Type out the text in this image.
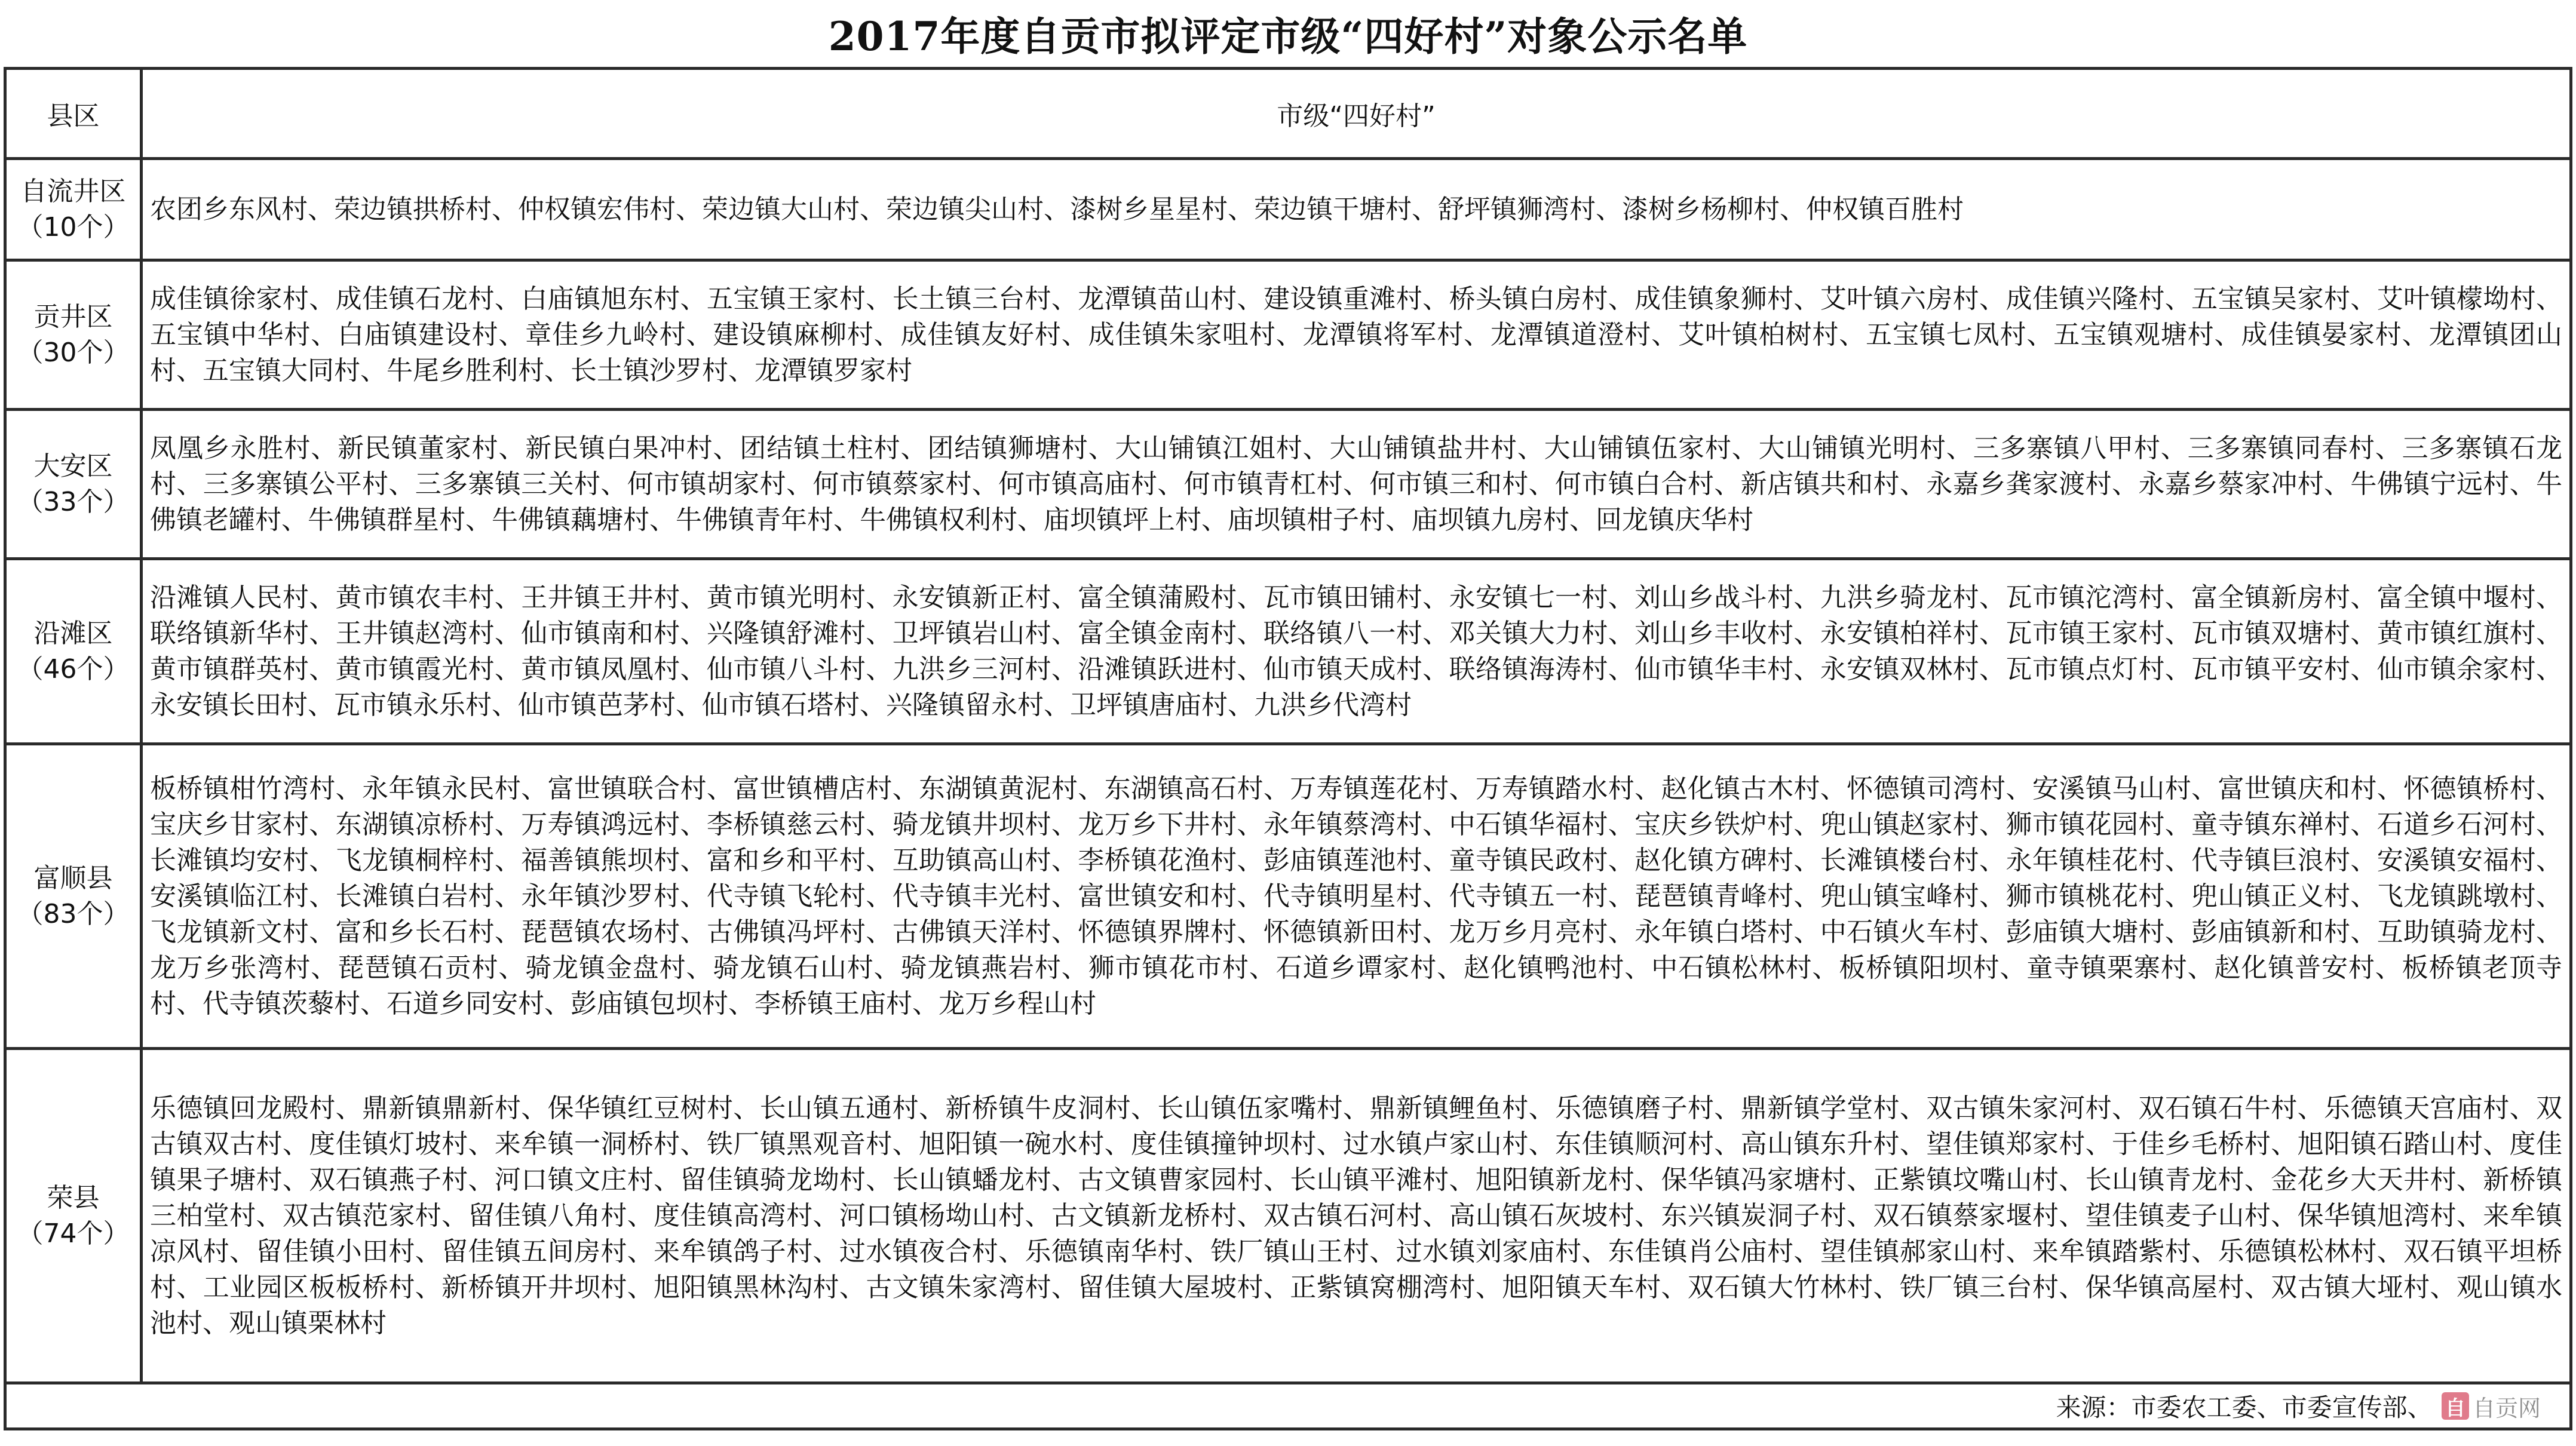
2017年度自贡市拟评定市级“四好村”对象公示名单
县区	市级“四好村”

自流井区
（10个）	农团乡东风村、荣边镇拱桥村、仲权镇宏伟村、荣边镇大山村、荣边镇尖山村、漆树乡星星村、荣边镇干塘村、舒坪镇狮湾村、漆树乡杨柳村、仲权镇百胜村

贡井区
（30个）	成佳镇徐家村、成佳镇石龙村、白庙镇旭东村、五宝镇王家村、长土镇三台村、龙潭镇苗山村、建设镇重滩村、桥头镇白房村、成佳镇象狮村、艾叶镇六房村、成佳镇兴隆村、五宝镇吴家村、艾叶镇檬坳村、五宝镇中华村、白庙镇建设村、章佳乡九岭村、建设镇麻柳村、成佳镇友好村、成佳镇朱家咀村、龙潭镇将军村、龙潭镇道澄村、艾叶镇柏树村、五宝镇七凤村、五宝镇观塘村、成佳镇晏家村、龙潭镇团山村、五宝镇大同村、牛尾乡胜利村、长土镇沙罗村、龙潭镇罗家村

大安区
（33个）	凤凰乡永胜村、新民镇董家村、新民镇白果冲村、团结镇土柱村、团结镇狮塘村、大山铺镇江姐村、大山铺镇盐井村、大山铺镇伍家村、大山铺镇光明村、三多寨镇八甲村、三多寨镇同春村、三多寨镇石龙村、三多寨镇公平村、三多寨镇三关村、何市镇胡家村、何市镇蔡家村、何市镇高庙村、何市镇青杠村、何市镇三和村、何市镇白合村、新店镇共和村、永嘉乡龚家渡村、永嘉乡蔡家冲村、牛佛镇宁远村、牛佛镇老罐村、牛佛镇群星村、牛佛镇藕塘村、牛佛镇青年村、牛佛镇权利村、庙坝镇坪上村、庙坝镇柑子村、庙坝镇九房村、回龙镇庆华村

沿滩区
（46个）	沿滩镇人民村、黄市镇农丰村、王井镇王井村、黄市镇光明村、永安镇新正村、富全镇蒲殿村、瓦市镇田铺村、永安镇七一村、刘山乡战斗村、九洪乡骑龙村、瓦市镇沱湾村、富全镇新房村、富全镇中堰村、联络镇新华村、王井镇赵湾村、仙市镇南和村、兴隆镇舒滩村、卫坪镇岩山村、富全镇金南村、联络镇八一村、邓关镇大力村、刘山乡丰收村、永安镇柏祥村、瓦市镇王家村、瓦市镇双塘村、黄市镇红旗村、黄市镇群英村、黄市镇霞光村、黄市镇凤凰村、仙市镇八斗村、九洪乡三河村、沿滩镇跃进村、仙市镇天成村、联络镇海涛村、仙市镇华丰村、永安镇双林村、瓦市镇点灯村、瓦市镇平安村、仙市镇余家村、永安镇长田村、瓦市镇永乐村、仙市镇芭茅村、仙市镇石塔村、兴隆镇留永村、卫坪镇唐庙村、九洪乡代湾村

富顺县
（83个）	板桥镇柑竹湾村、永年镇永民村、富世镇联合村、富世镇槽店村、东湖镇黄泥村、东湖镇高石村、万寿镇莲花村、万寿镇踏水村、赵化镇古木村、怀德镇司湾村、安溪镇马山村、富世镇庆和村、怀德镇桥村、宝庆乡甘家村、东湖镇凉桥村、万寿镇鸿远村、李桥镇慈云村、骑龙镇井坝村、龙万乡下井村、永年镇蔡湾村、中石镇华福村、宝庆乡铁炉村、兜山镇赵家村、狮市镇花园村、童寺镇东禅村、石道乡石河村、长滩镇均安村、飞龙镇桐梓村、福善镇熊坝村、富和乡和平村、互助镇高山村、李桥镇花渔村、彭庙镇莲池村、童寺镇民政村、赵化镇方碑村、长滩镇楼台村、永年镇桂花村、代寺镇巨浪村、安溪镇安福村、安溪镇临江村、长滩镇白岩村、永年镇沙罗村、代寺镇飞轮村、代寺镇丰光村、富世镇安和村、代寺镇明星村、代寺镇五一村、琵琶镇青峰村、兜山镇宝峰村、狮市镇桃花村、兜山镇正义村、飞龙镇跳墩村、飞龙镇新文村、富和乡长石村、琵琶镇农场村、古佛镇冯坪村、古佛镇天洋村、怀德镇界牌村、怀德镇新田村、龙万乡月亮村、永年镇白塔村、中石镇火车村、彭庙镇大塘村、彭庙镇新和村、互助镇骑龙村、龙万乡张湾村、琵琶镇石贡村、骑龙镇金盘村、骑龙镇石山村、骑龙镇燕岩村、狮市镇花市村、石道乡谭家村、赵化镇鸭池村、中石镇松林村、板桥镇阳坝村、童寺镇栗寨村、赵化镇普安村、板桥镇老顶寺村、代寺镇茨藜村、石道乡同安村、彭庙镇包坝村、李桥镇王庙村、龙万乡程山村

荣县
（74个）	乐德镇回龙殿村、鼎新镇鼎新村、保华镇红豆树村、长山镇五通村、新桥镇牛皮洞村、长山镇伍家嘴村、鼎新镇鲤鱼村、乐德镇磨子村、鼎新镇学堂村、双古镇朱家河村、双石镇石牛村、乐德镇天宫庙村、双古镇双古村、度佳镇灯坡村、来牟镇一洞桥村、铁厂镇黑观音村、旭阳镇一碗水村、度佳镇撞钟坝村、过水镇卢家山村、东佳镇顺河村、高山镇东升村、望佳镇郑家村、于佳乡毛桥村、旭阳镇石踏山村、度佳镇果子塘村、双石镇燕子村、河口镇文庄村、留佳镇骑龙坳村、长山镇蟠龙村、古文镇曹家园村、长山镇平滩村、旭阳镇新龙村、保华镇冯家塘村、正紫镇坟嘴山村、长山镇青龙村、金花乡大天井村、新桥镇三柏堂村、双古镇范家村、留佳镇八角村、度佳镇高湾村、河口镇杨坳山村、古文镇新龙桥村、双古镇石河村、高山镇石灰坡村、东兴镇炭洞子村、双石镇蔡家堰村、望佳镇麦子山村、保华镇旭湾村、来牟镇凉风村、留佳镇小田村、留佳镇五间房村、来牟镇鸽子村、过水镇夜合村、乐德镇南华村、铁厂镇山王村、过水镇刘家庙村、东佳镇肖公庙村、望佳镇郝家山村、来牟镇踏紫村、乐德镇松林村、双石镇平坦桥村、工业园区板板桥村、新桥镇开井坝村、旭阳镇黑林沟村、古文镇朱家湾村、留佳镇大屋坡村、正紫镇窝棚湾村、旭阳镇天车村、双石镇大竹林村、铁厂镇三台村、保华镇高屋村、双古镇大垭村、观山镇水池村、观山镇栗林村
来源：市委农工委、市委宣传部、 自 自贡网	
